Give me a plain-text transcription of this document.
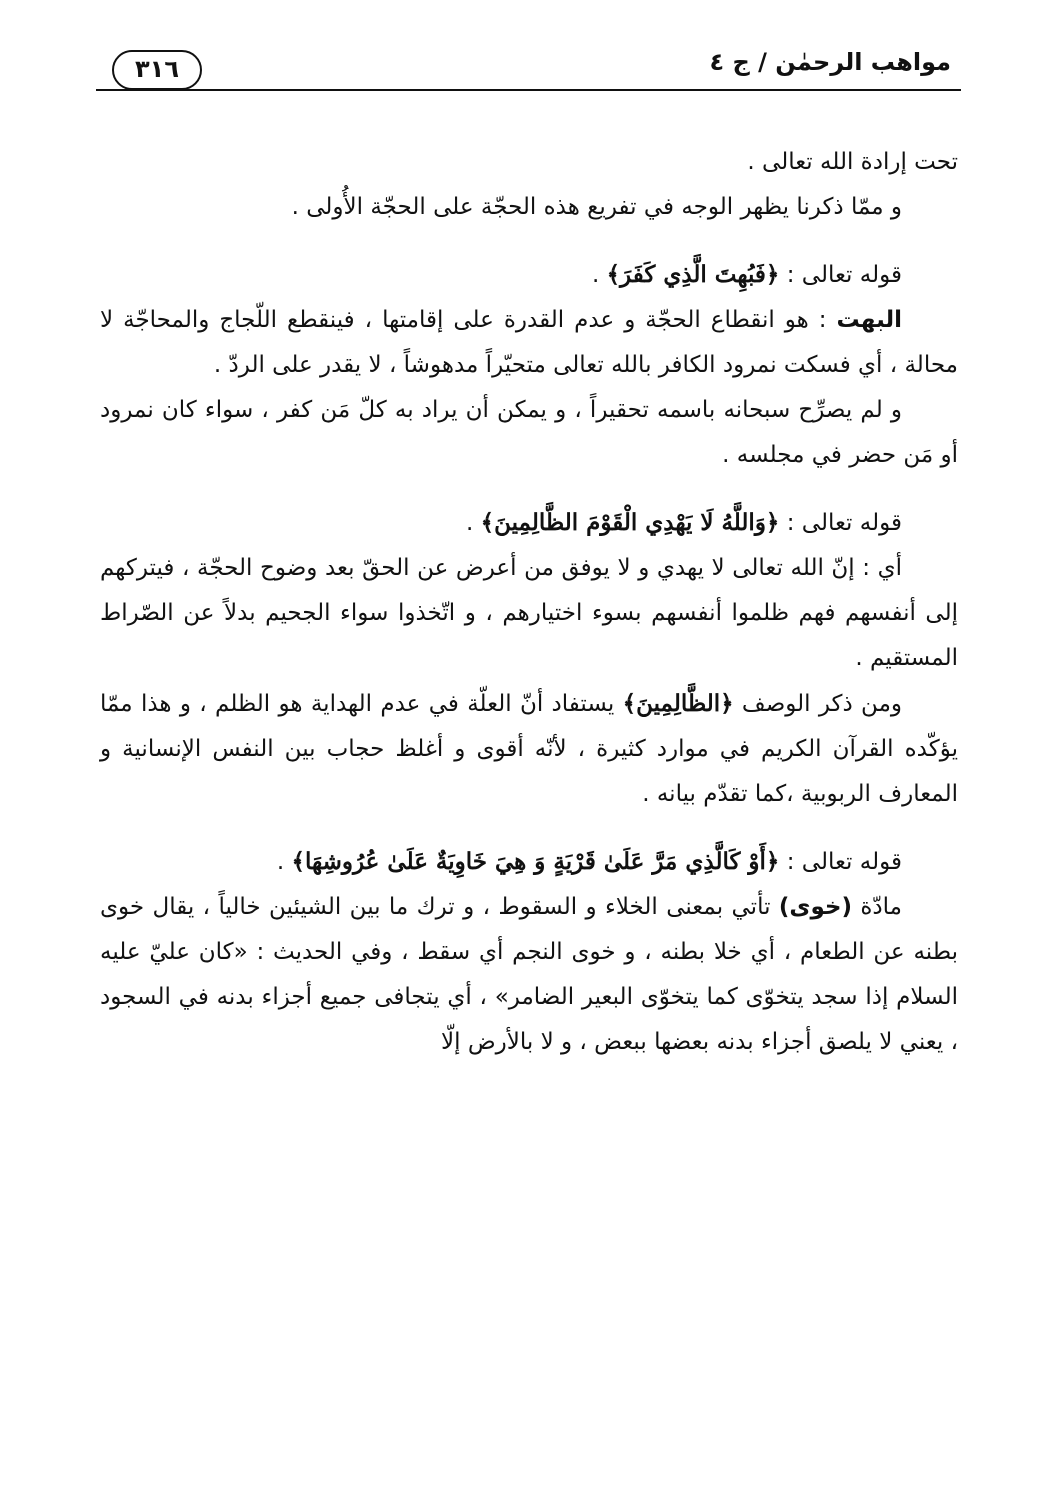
٣١٦	مواهب الرحمٰن / ج ٤

تحت إرادة الله تعالى .

و ممّا ذكرنا يظهر الوجه في تفريع هذه الحجّة على الحجّة الأُولى .

قوله تعالى : ﴿فَبُهِتَ الَّذِي كَفَرَ﴾ .

البهت : هو انقطاع الحجّة و عدم القدرة على إقامتها ، فينقطع اللّجاج والمحاجّة لا محالة ، أي فسكت نمرود الكافر بالله تعالى متحيّراً مدهوشاً ، لا يقدر على الردّ .

و لم يصرِّح سبحانه باسمه تحقيراً ، و يمكن أن يراد به كلّ مَن كفر ، سواء كان نمرود أو مَن حضر في مجلسه .

قوله تعالى : ﴿وَاللَّهُ لَا يَهْدِي الْقَوْمَ الظَّالِمِينَ﴾ .

أي : إنّ الله تعالى لا يهدي و لا يوفق من أعرض عن الحقّ بعد وضوح الحجّة ، فيتركهم إلى أنفسهم فهم ظلموا أنفسهم بسوء اختيارهم ، و اتّخذوا سواء الجحيم بدلاً عن الصّراط المستقيم .

ومن ذكر الوصف ﴿الظَّالِمِينَ﴾ يستفاد أنّ العلّة في عدم الهداية هو الظلم ، و هذا ممّا يؤكّده القرآن الكريم في موارد كثيرة ، لأنّه أقوى و أغلظ حجاب بين النفس الإنسانية و المعارف الربوبية ،كما تقدّم بيانه .

قوله تعالى : ﴿أَوْ كَالَّذِي مَرَّ عَلَىٰ قَرْيَةٍ وَ هِيَ خَاوِيَةٌ عَلَىٰ عُرُوشِهَا﴾ .

مادّة (خوى) تأتي بمعنى الخلاء و السقوط ، و ترك ما بين الشيئين خالياً ، يقال خوى بطنه عن الطعام ، أي خلا بطنه ، و خوى النجم أي سقط ، وفي الحديث : «كان عليّ عليه السلام إذا سجد يتخوّى كما يتخوّى البعير الضامر» ، أي يتجافى جميع أجزاء بدنه في السجود ، يعني لا يلصق أجزاء بدنه بعضها ببعض ، و لا بالأرض إلّا
